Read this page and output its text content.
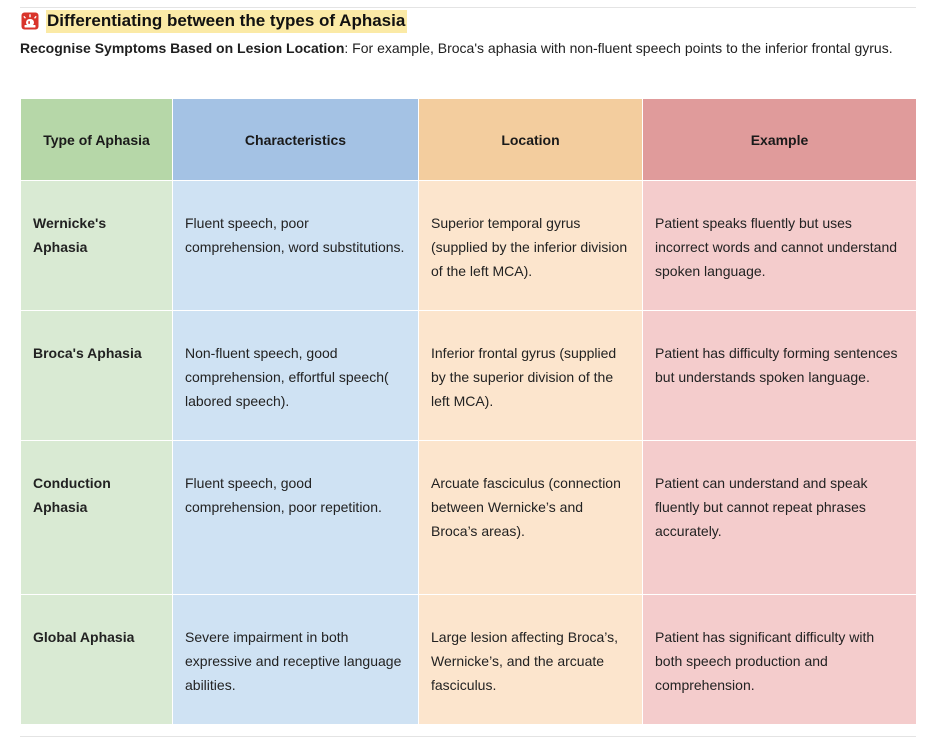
Differentiating between the types of Aphasia
Recognise Symptoms Based on Lesion Location: For example, Broca's aphasia with non-fluent speech points to the inferior frontal gyrus.
Type of Aphasia	Characteristics	Location	Example
Wernicke's Aphasia	Fluent speech, poor comprehension, word substitutions.	Superior temporal gyrus (supplied by the inferior division of the left MCA).	Patient speaks fluently but uses incorrect words and cannot understand spoken language.
Broca's Aphasia	Non-fluent speech, good comprehension, effortful speech( labored speech).	Inferior frontal gyrus (supplied by the superior division of the left MCA).	Patient has difficulty forming sentences but understands spoken language.
Conduction Aphasia	Fluent speech, good comprehension, poor repetition.	Arcuate fasciculus (connection between Wernicke’s and Broca’s areas).	Patient can understand and speak fluently but cannot repeat phrases accurately.
Global Aphasia	Severe impairment in both expressive and receptive language abilities.	Large lesion affecting Broca’s, Wernicke’s, and the arcuate fasciculus.	Patient has significant difficulty with both speech production and comprehension.
